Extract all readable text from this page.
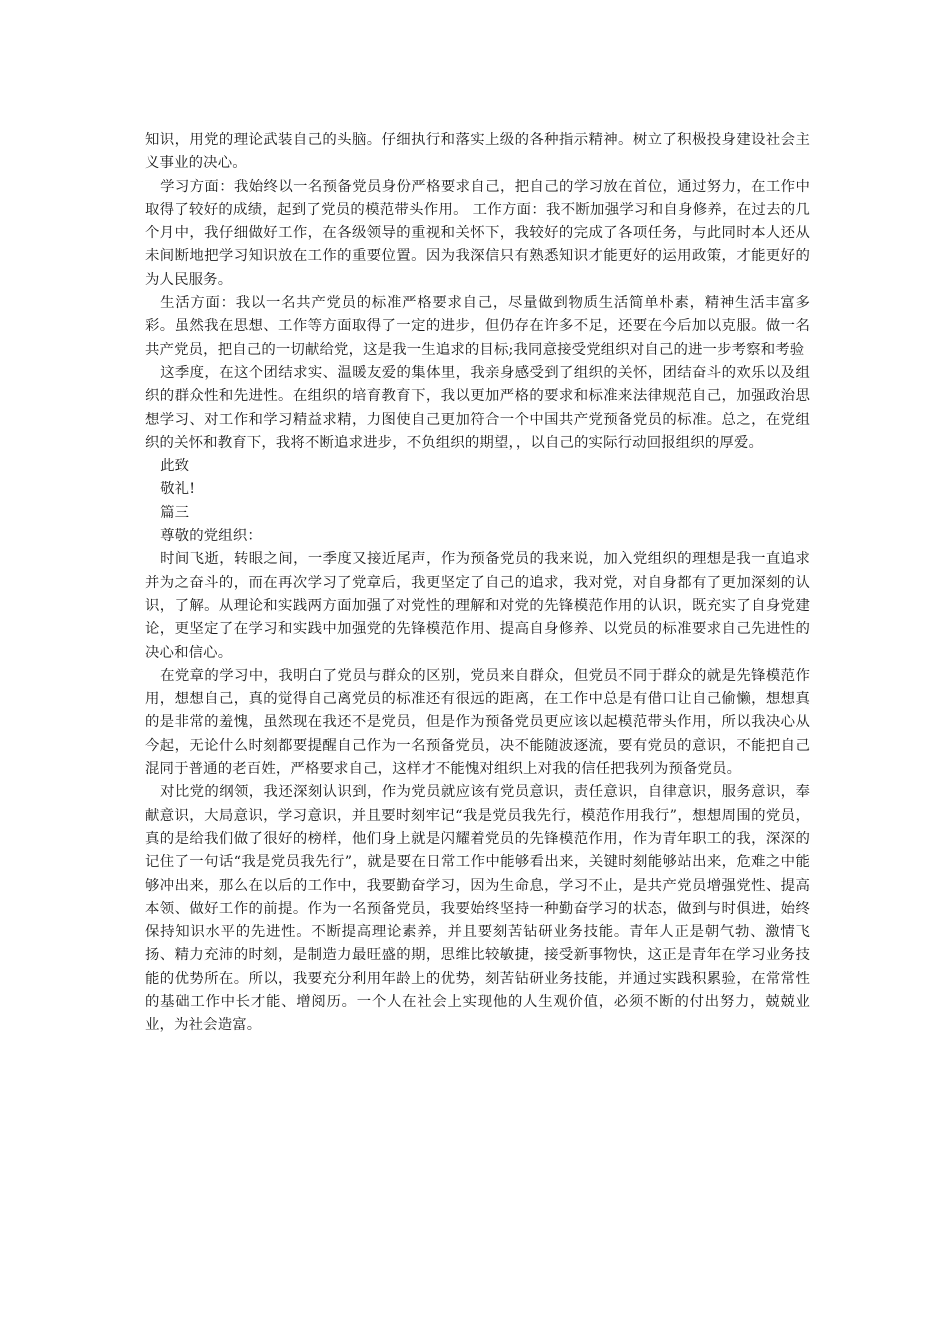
知识，用党的理论武装自己的头脑。仔细执行和落实上级的各种指示精神。树立了积极投身建设社会主义事业的决心。

学习方面：我始终以一名预备党员身份严格要求自己，把自己的学习放在首位，通过努力，在工作中取得了较好的成绩，起到了党员的模范带头作用。 工作方面：我不断加强学习和自身修养，在过去的几个月中，我仔细做好工作，在各级领导的重视和关怀下，我较好的完成了各项任务，与此同时本人还从未间断地把学习知识放在工作的重要位置。因为我深信只有熟悉知识才能更好的运用政策，才能更好的为人民服务。

生活方面：我以一名共产党员的标准严格要求自己，尽量做到物质生活简单朴素，精神生活丰富多彩。虽然我在思想、工作等方面取得了一定的进步，但仍存在许多不足，还要在今后加以克服。做一名共产党员，把自己的一切献给党，这是我一生追求的目标;我同意接受党组织对自己的进一步考察和考验

这季度，在这个团结求实、温暖友爱的集体里，我亲身感受到了组织的关怀，团结奋斗的欢乐以及组织的群众性和先进性。在组织的培育教育下，我以更加严格的要求和标准来法律规范自己，加强政治思想学习、对工作和学习精益求精，力图使自己更加符合一个中国共产党预备党员的标准。总之，在党组织的关怀和教育下，我将不断追求进步，不负组织的期望，，以自己的实际行动回报组织的厚爱。

此致

敬礼!

篇三

尊敬的党组织：

时间飞逝，转眼之间，一季度又接近尾声，作为预备党员的我来说，加入党组织的理想是我一直追求并为之奋斗的，而在再次学习了党章后，我更坚定了自己的追求，我对党，对自身都有了更加深刻的认识，了解。从理论和实践两方面加强了对党性的理解和对党的先锋模范作用的认识，既充实了自身党建论，更坚定了在学习和实践中加强党的先锋模范作用、提高自身修养、以党员的标准要求自己先进性的决心和信心。

在党章的学习中，我明白了党员与群众的区别，党员来自群众，但党员不同于群众的就是先锋模范作用，想想自己，真的觉得自己离党员的标准还有很远的距离，在工作中总是有借口让自己偷懒，想想真的是非常的羞愧，虽然现在我还不是党员，但是作为预备党员更应该以起模范带头作用，所以我决心从今起，无论什么时刻都要提醒自己作为一名预备党员，决不能随波逐流，要有党员的意识，不能把自己混同于普通的老百姓，严格要求自己，这样才不能愧对组织上对我的信任把我列为预备党员。

对比党的纲领，我还深刻认识到，作为党员就应该有党员意识，责任意识，自律意识，服务意识，奉献意识，大局意识，学习意识，并且要时刻牢记“我是党员我先行，模范作用我行”，想想周围的党员，真的是给我们做了很好的榜样，他们身上就是闪耀着党员的先锋模范作用，作为青年职工的我，深深的记住了一句话“我是党员我先行”，就是要在日常工作中能够看出来，关键时刻能够站出来，危难之中能够冲出来，那么在以后的工作中，我要勤奋学习，因为生命息，学习不止，是共产党员增强党性、提高本领、做好工作的前提。作为一名预备党员，我要始终坚持一种勤奋学习的状态，做到与时俱进，始终保持知识水平的先进性。不断提高理论素养，并且要刻苦钻研业务技能。青年人正是朝气勃、激情飞扬、精力充沛的时刻，是制造力最旺盛的期，思维比较敏捷，接受新事物快，这正是青年在学习业务技能的优势所在。所以，我要充分利用年龄上的优势，刻苦钻研业务技能，并通过实践积累验，在常常性的基础工作中长才能、增阅历。一个人在社会上实现他的人生观价值，必须不断的付出努力，兢兢业业，为社会造富。
